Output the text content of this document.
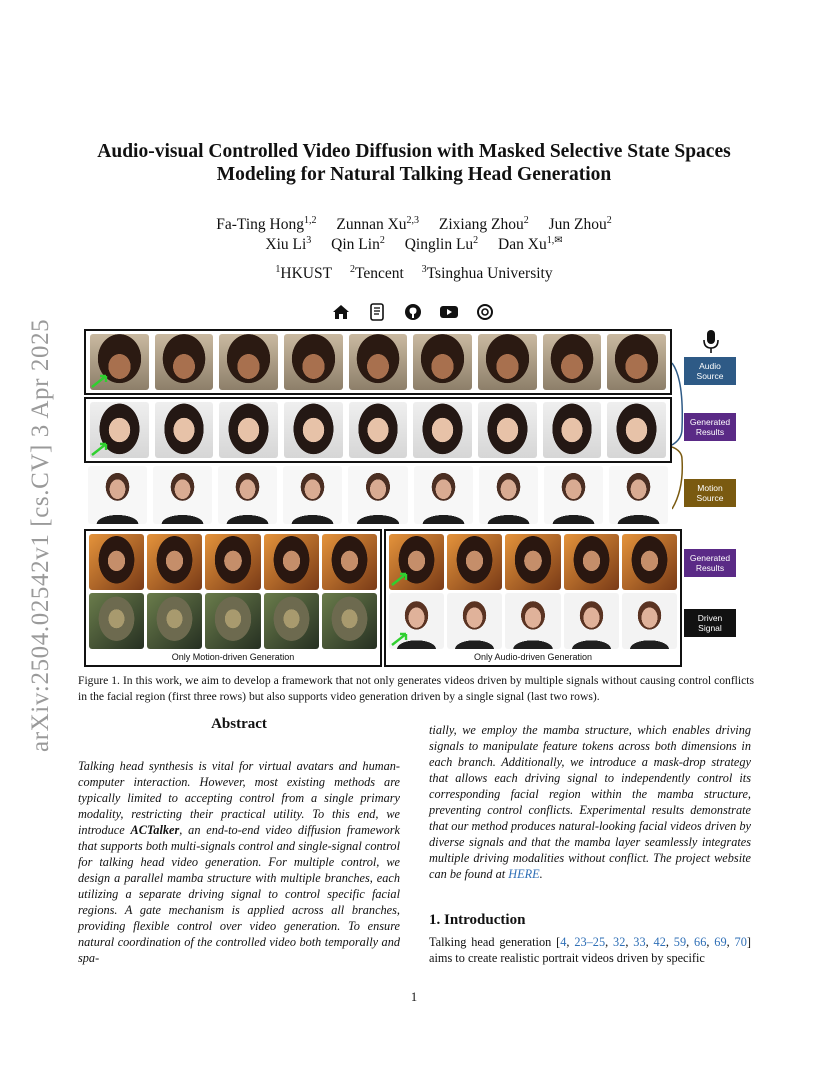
arXiv:2504.02542v1 [cs.CV] 3 Apr 2025
Audio-visual Controlled Video Diffusion with Masked Selective State Spaces
Modeling for Natural Talking Head Generation
Fa-Ting Hong$^{1,2}$ Zunnan Xu$^{2,3}$ Zixiang Zhou$^2$ Jun Zhou$^2$
Xiu Li$^3$ Qin Lin$^2$ Qinglin Lu$^2$ Dan $Xu^{1,✉}$
$^1$HKUST $^2$Tencent $^3$Tsinghua University
Only Motion-driven Generation	Only Audio-driven Generation
Audio
Source
Generated
Results
Motion
Source
Generated
Results
Driven
Signal
Figure 1. In this work, we aim to develop a framework that not only generates videos driven by multiple signals without causing control conflicts in the facial region (first three rows) but also supports video generation driven by a single signal (last two rows).
Abstract
Talking head synthesis is vital for virtual avatars and human-computer interaction. However, most existing methods are typically limited to accepting control from a single primary modality, restricting their practical utility. To this end, we introduce ACTalker, an end-to-end video diffusion framework that supports both multi-signals control and single-signal control for talking head video generation. For multiple control, we design a parallel mamba structure with multiple branches, each utilizing a separate driving signal to control specific facial regions. A gate mechanism is applied across all branches, providing flexible control over video generation. To ensure natural coordination of the controlled video both temporally and spa-
tially, we employ the mamba structure, which enables driving signals to manipulate feature tokens across both dimensions in each branch. Additionally, we introduce a mask-drop strategy that allows each driving signal to independently control its corresponding facial region within the mamba structure, preventing control conflicts. Experimental results demonstrate that our method produces natural-looking facial videos driven by diverse signals and that the mamba layer seamlessly integrates multiple driving modalities without conflict. The project website can be found at HERE.
1. Introduction
Talking head generation [4, 23–25, 32, 33, 42, 59, 66, 69, 70] aims to create realistic portrait videos driven by specific
1
